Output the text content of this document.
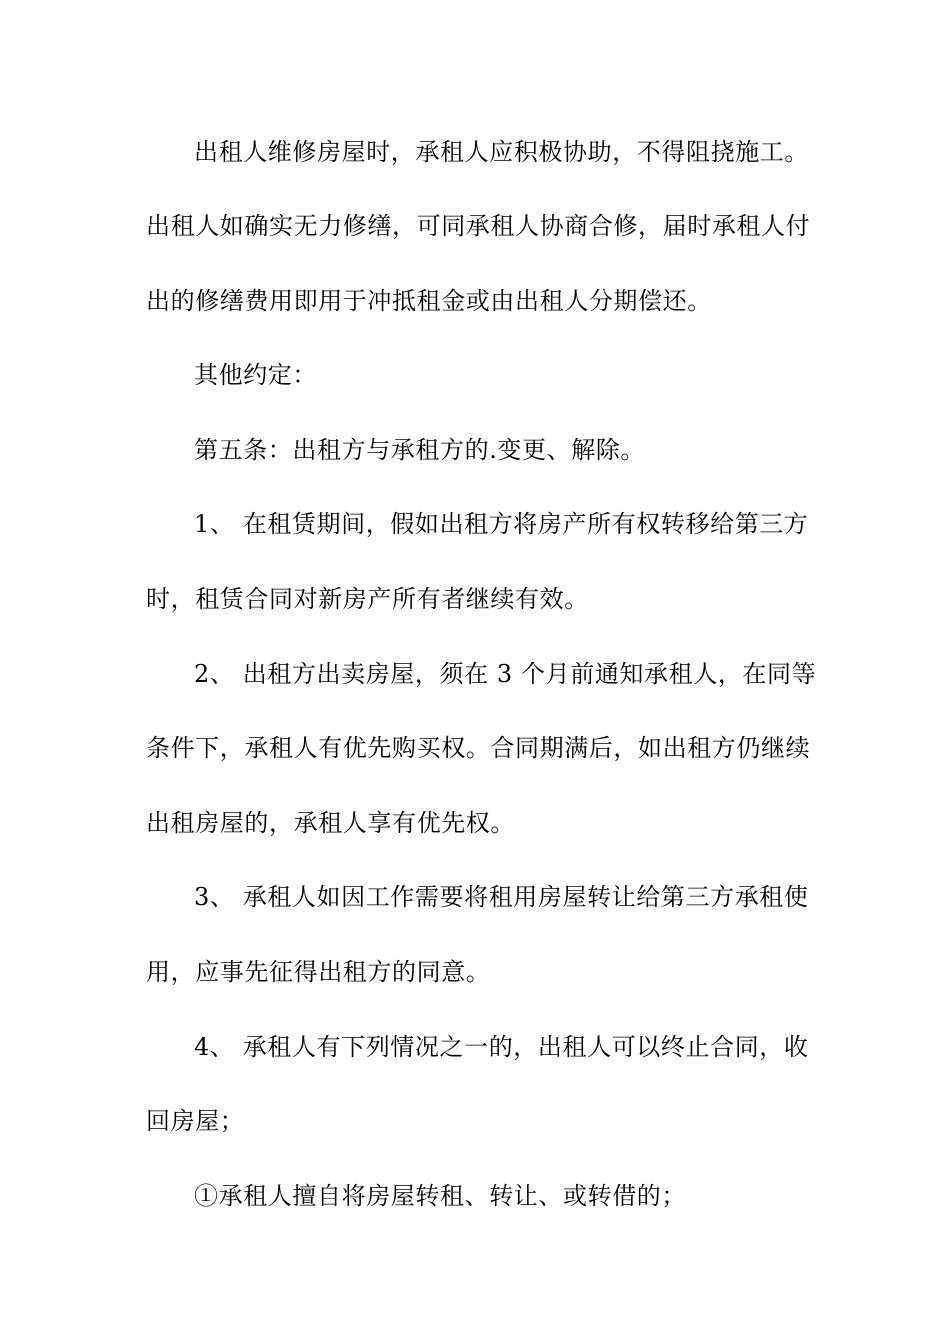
出租人维修房屋时，承租人应积极协助，不得阻挠施工。
出租人如确实无力修缮，可同承租人协商合修，届时承租人付
出的修缮费用即用于冲抵租金或由出租人分期偿还。
其他约定：
第五条：出租方与承租方的.变更、解除。
1、 在租赁期间，假如出租方将房产所有权转移给第三方
时，租赁合同对新房产所有者继续有效。
2、 出租方出卖房屋，须在 3 个月前通知承租人，在同等
条件下，承租人有优先购买权。合同期满后，如出租方仍继续
出租房屋的，承租人享有优先权。
3、 承租人如因工作需要将租用房屋转让给第三方承租使
用，应事先征得出租方的同意。
4、 承租人有下列情况之一的，出租人可以终止合同，收
回房屋；
①承租人擅自将房屋转租、转让、或转借的；
